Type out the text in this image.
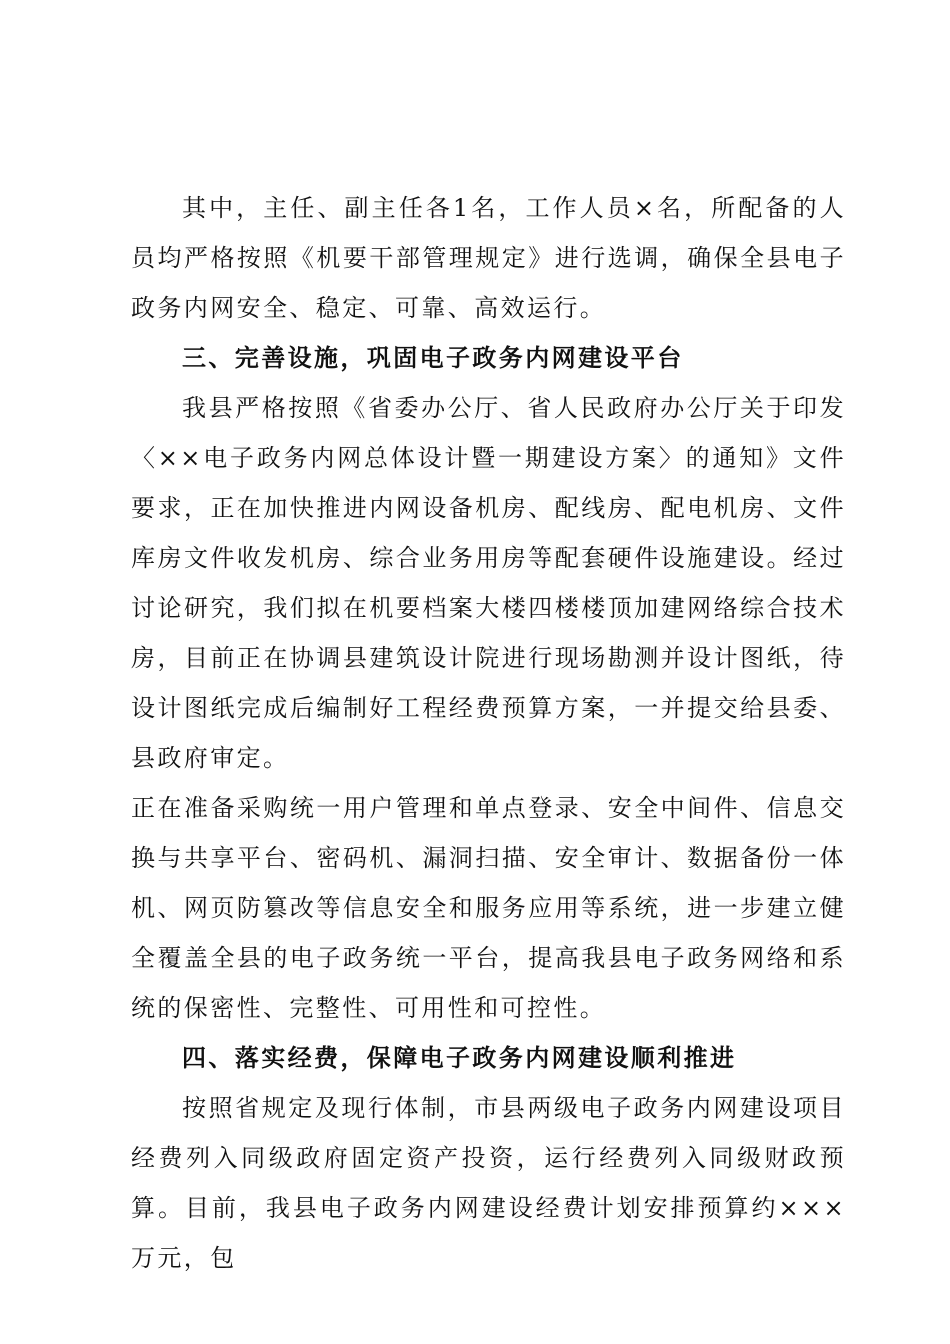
其中，主任、副主任各1名，工作人员×名，所配备的人员均严格按照《机要干部管理规定》进行选调，确保全县电子政务内网安全、稳定、可靠、高效运行。

三、完善设施，巩固电子政务内网建设平台

我县严格按照《省委办公厅、省人民政府办公厅关于印发〈××电子政务内网总体设计暨一期建设方案〉的通知》文件要求，正在加快推进内网设备机房、配线房、配电机房、文件库房文件收发机房、综合业务用房等配套硬件设施建设。经过讨论研究，我们拟在机要档案大楼四楼楼顶加建网络综合技术房，目前正在协调县建筑设计院进行现场勘测并设计图纸，待设计图纸完成后编制好工程经费预算方案，一并提交给县委、县政府审定。

正在准备采购统一用户管理和单点登录、安全中间件、信息交换与共享平台、密码机、漏洞扫描、安全审计、数据备份一体机、网页防篡改等信息安全和服务应用等系统，进一步建立健全覆盖全县的电子政务统一平台，提高我县电子政务网络和系统的保密性、完整性、可用性和可控性。

四、落实经费，保障电子政务内网建设顺利推进

按照省规定及现行体制，市县两级电子政务内网建设项目经费列入同级政府固定资产投资，运行经费列入同级财政预算。目前，我县电子政务内网建设经费计划安排预算约×××万元，包
